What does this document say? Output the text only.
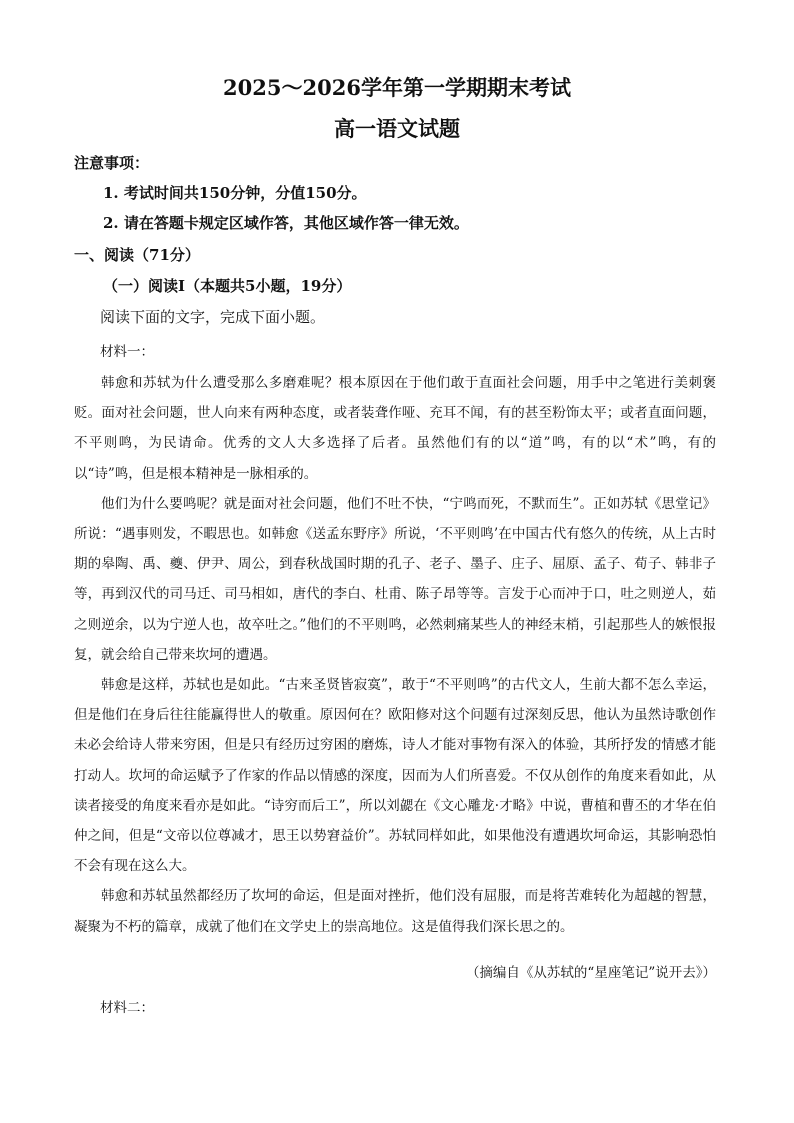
2025～2026学年第一学期期末考试
高一语文试题
注意事项：
1. 考试时间共150分钟，分值150分。
2. 请在答题卡规定区域作答，其他区域作答一律无效。
一、阅读（71分）
（一）阅读Ⅰ（本题共5小题，19分）
阅读下面的文字，完成下面小题。
材料一：

韩愈和苏轼为什么遭受那么多磨难呢？根本原因在于他们敢于直面社会问题，用手中之笔进行美刺褒贬。面对社会问题，世人向来有两种态度，或者装聋作哑、充耳不闻，有的甚至粉饰太平；或者直面问题，不平则鸣，为民请命。优秀的文人大多选择了后者。虽然他们有的以“道”鸣，有的以“术”鸣，有的以“诗”鸣，但是根本精神是一脉相承的。

他们为什么要鸣呢？就是面对社会问题，他们不吐不快，“宁鸣而死，不默而生”。正如苏轼《思堂记》所说：“遇事则发，不暇思也。如韩愈《送孟东野序》所说，‘不平则鸣’在中国古代有悠久的传统，从上古时期的皋陶、禹、夔、伊尹、周公，到春秋战国时期的孔子、老子、墨子、庄子、屈原、孟子、荀子、韩非子等，再到汉代的司马迁、司马相如，唐代的李白、杜甫、陈子昂等等。言发于心而冲于口，吐之则逆人，茹之则逆余，以为宁逆人也，故卒吐之。”他们的不平则鸣，必然刺痛某些人的神经末梢，引起那些人的嫉恨报复，就会给自己带来坎坷的遭遇。

韩愈是这样，苏轼也是如此。“古来圣贤皆寂寞”，敢于“不平则鸣”的古代文人，生前大都不怎么幸运，但是他们在身后往往能赢得世人的敬重。原因何在？欧阳修对这个问题有过深刻反思，他认为虽然诗歌创作未必会给诗人带来穷困，但是只有经历过穷困的磨炼，诗人才能对事物有深入的体验，其所抒发的情感才能打动人。坎坷的命运赋予了作家的作品以情感的深度，因而为人们所喜爱。不仅从创作的角度来看如此，从读者接受的角度来看亦是如此。“诗穷而后工”，所以刘勰在《文心雕龙·才略》中说，曹植和曹丕的才华在伯仲之间，但是“文帝以位尊减才，思王以势窘益价”。苏轼同样如此，如果他没有遭遇坎坷命运，其影响恐怕不会有现在这么大。

韩愈和苏轼虽然都经历了坎坷的命运，但是面对挫折，他们没有屈服，而是将苦难转化为超越的智慧，凝聚为不朽的篇章，成就了他们在文学史上的崇高地位。这是值得我们深长思之的。

（摘编自《从苏轼的“星座笔记”说开去》）
材料二：
